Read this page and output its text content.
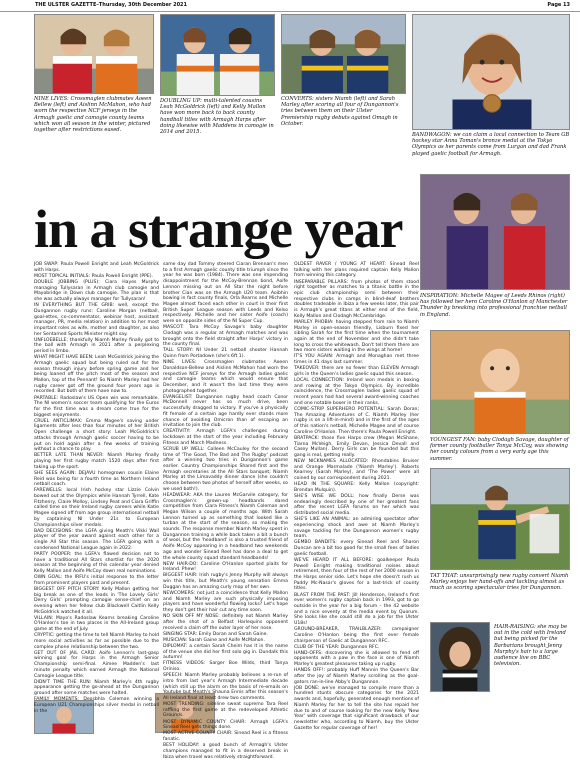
THE ULSTER GAZETTE–Thursday, 30th December 2021	Page 13
NINE LIVES: Crossmaglen clubmates Aoeen Bellew (left) and Aislinn McMahon, who had worn the respective NCF jerseys in the Armagh gaelic and camogie county teams which won all season in the winter, pictured together after restrictions eased.
DOUBLING UP: multi-talented cousins Leah McGoldrick (left) and Kelly Mallon have won more back to back county handball titles with Armagh Harps after doing likewise with Maddens in camogie in 2014 and 2015.
CONVERTS: sisters Niamh (left) and Sarah Marley after scoring all four of Dungannon's tries between them on their Ulster Premiership rugby debuts against Omagh in October.
BANDWAGON: we can claim a local connection to Team GB hockey star Anna Toman's bronze medal at the Tokyo Olympics as her parents come from Lurgan and dad Frank played gaelic football for Armagh.
in a strange year
INSPIRATION: Michelle Magee of Leeds Rhinos (right) has followed her hero Caroline O'Hanlon of Manchester Thunder by breaking into professional franchise netball in England.
YOUNGEST FAN: baby Clodagh Savage, daughter of former county footballer Tonya McCoy, was showing her county colours from a very early age this summer.
TAT THAT: unsurprisingly new rugby convert Niamh Marley enjoys her hand-offs and tackling almost as much as scoring spectacular tries for Dungannon.
HAIR-RAISING: she may be out in the cold with Ireland but being picked for the Barbarians brought Jenny Murphy's hair to a large audience live on BBC television.

JOB SWAP: Paula Powell Enright and Leah McGoldrick with Harps.

MOST TOPICAL INITIALS: Paula Powell Enright (PPE).

DOUBLE JOBBING (PLUS): Ciara Hayes Murphy managing Tullysaran in Armagh club camogie and Mayobridge in Down club camogie. The plan is that she was actually always manager for Tullysaran!

IN EVERYTHING BUT THE GRIB: well, except the Dungannon rugby runs: Caroline Morgan (netball, goal-ettes, co-commentator, webinar host, assistant manager, PR, media relation) in addition to her most important roles as wife, mother and daughter, as also her Sentamed Sports Minister might say.

UNFLOEBELLE: thankfully Niamh Marley finally got to the ball with Armagh in 2021 after a perplexing period in limbo.

WHAT MIGHT HAVE BEEN: Leah McGoldrick joining the Armagh gaelic squad but being ruled out for the season through injury before spring game and her being loaned off the pitch most of the season and Mallon, top of the Pennant! So Niamh Marley had her rugby career got off the ground four years ago is recorded. But both of them have now to.

PARTABLE: Radoslaw's US Open win was remarkable. The NI women's soccer team qualifying for the Euros for the first time was a dream come true for the biggest enjoyments.

CRUEL ANTICLIMAX: Emma Magee's saving under ligaments after less than four minutes of her British Open challenge a short story: Leah McGoldrick's attacks through Armagh gaelic soccer having to be put on hold again after a few weeks of training without a chance to play.

BETTER LATE THAN NEVER: Niamh Marley finally playing her first rugby match 1520 days after first taking up the sport.

SHE SEES AGAIN: DEJAVU homegrown cousin Elaine Reid was being for a fourth time as Northern Ireland netball coach.

FAREWELLS: local Irish hockey star Lizzie Colvin bowed out at the Olympics while Hannah Tyrrell, Kate Fitzhenry, Claire Molloy, Lindsey Peat and Ciara Griffin called time on their Ireland rugby careers while Katie Magee signed off from age group international netball by captaining NI Under 21s to European Championships silver medals.

BAD DECISIONS: the LGFA giving Meath's Vikki Wall player of the year award against each other for a single All Star this season. The LGFA going with a condensed National League again in 2022.

PARTY POOPER: the LGFA's flawed decision not to have a traditional All Stars shortlist for the 2020 season at the beginning of this calendar year denied Kelly Mallon and Aoife McCoy down real nominations.

OWN GOAL: the IRFU's initial response to the letter from prominent players past and present.

BIGGEST OFF PITCH STORY: Kelly Mallon getting her big break as one of the leads in 'The Lovely Girls' Derry Girls' prompting camogie sense-chief on an evening when her fellow club Blackwell Caitlin Kelly McGoldrick watched it all.

VILLAIN: Mayo's Radoslaw Kearns breaking Caroline O'Hanlon's toe in two places in the All-Ireland group game at the end of July.

CRYPTIC: getting the time to tell Niamh Marley to hold more social activities as far as possible due to the complex phone relationship between the two.

GET OUT OF JAIL CARD: Aoife Lennon's last-gasp winning goal for Harps in the Armagh Senior Championship semi-final. Aimee Madden's last minute penalty which earned Armagh the National Camogie League title.

DIDN'T TIME THE RUN: Niamh Marley's 4th rugby appearance getting the go-ahead at the Dungannon ground after some matches were halted.

FAMILY MOMENTS: Deosbhla Coleman winning a European U21 Championships silver medal in netball in the

same day dad Tommy steered Ciaran Brennan's men to a first Armagh gaelic county title triumph since the year he was born (1984). There was one impending disappointment for the McCoy-Brennan bond, Aoife Lennon missing out on All Star the night before brother Cian was on the Armagh U20 team. Aoibhin bowing in fact county finals, Orla Rearns and Michelle Magee almost faced each other in court in their first British Super League season with Leeds and Kelso respectively. Michelle and her sister Aoife (coach) were on opposite sides of the NI Super Cup.

MASCOT: Tara McCoy Savage's baby daughter Clodagh was a regular at Armagh matches and was brought onto the field straight after Harps' victory in the county final.

TALL STORY: NI Under 21 netball shooter Hannah Quinn from Portadown (she's 6ft 1).

NINE LIVES: Crossmaglen clubmates Aoeen Donaldson-Bellew and Aislinn McMahon had worn the respective NCF jerseys for the Armagh ladies gaelic and camogie teams which would ensure that December, and it wasn't the last time they were photographed together.

EVANGELIST: Dungannon rugby head coach Conor McDonnell never has so much drive, been successfully dragged to victory. If you've a physically fit female of a certain age hardly ever stands more chance of avoiding Omicron than of escaping an invitation to join the club.

CREATIVITY: Armagh LGFA's challenges during lockdown at the start of the year including February Fitness and March Madness.

SCRUB UP WELL: Colleen McCauley for the second time of 'The Good, The Bad and The Rugby' podcast after a winning two tries in Dungannon's game earlier. Country Championships Shared first and the Armagh secretaries at the All Stars banquet; Niamh Marley at the Limavaddy dinner dance (she couldn't choose between two photos of herself after weeks, so we used both!).

HEADWEAR: AKA the Lauren McGarvile category, for Crossmaglen's grown-up headbands dared competition from Ciara Fitness's Niamh Coleman and Megan Wilson a couple of months ago. With Sarah Lennon turned up as something that looked like a turban at the start of the season, so making the sounds. The response member Niamh Marley spent in Dungannon training a while back taken a bit a bunch of wool, but the 'headband' is also a trusted friend of Aoife McCoy appearing in a headband two weekends ago and wonder Sinead Reel has done a deal to get the whole county squad standard headbands!

NEW HAIR-DO: Caroline O'Hanlon sported plaits for Ireland. Phew!

BIGGEST HAIR: Irish rugby's Jenny Murphy will always win this title, but Meath's young sensation Emma Duggan has an amazing curly mop of her own.

NEWCOMERS: not just a coincidence that Kelly Mallon and Niamh Marley are such physically imposing players and have wonderful flowing locks? Let's hope they don't get their hair cut any time soon.

NO SKIN OFF MY NOSE: definitely not Niamh Marley after the shot of a Belfast Harlequins opponent received a claim off the outer layer of her nose.

SINGING STAR: Emily Doran and Sarah Gaine.

MUSICIAN: Sarah Gaine and Aoife McMahon.

DIPLOMAT: a certain Sarah Cheim has it in the name of the venue she did her first solo gig in. Dundalk this autumn!

FITNESS VIDEOS: Sarger Boe Wilds, third Tanya Oriniso.

SPEECH: Niamh Marley probably believes a re-run of intro from last year's Armagh Intermediate decade (which still up the alarm on the basis of re-emails on Youtube but Meath's Shauna Ennis after this season's All Ireland final at least drew two comments.

MOST TRENDING: sideline sweat supremo Tara Reel raffling the first game at the redeveloped Athletic Grounds.

MOST DYNAMIC COUNTY CHAIR: Armagh LGFA's Sinead Reel gets things done.

MOST ACTIVE COUNTY CHAIR: Sinead Reel is a fitness fanatic.

BEST HOLIDAY: a good bunch of Armagh's Ulster champions managed to fit in a deserved break in Ibiza when travel was relatively straightforward.

OLDEST RAVER / YOUNG AT HEART: Sinead Reel talking with her plans required captain Kelly Mallon from winning this category.

INSEPARABLE PILLARS: from photos of them stood right together as matches to a titanic battle in the epic club championship semi between their respective clubs in camps in blind-deaf brothers doubles tradeable in Ibiza a few weeks later, this pair is Armagh's great titans at either end of the field, Kelly Mallon and Clodagh McCambridge.

MARLEY PHOBIA: having stepped from rain to Niamh Marley in open-season friendly, Lisburn fixed her sibling Sarah for the first time when the tournament again at the end of November and she didn't take long to cross the whitewash. Don't tell them there are two more sisters waiting in the wings at home!

IT'S YOU AGAIN: Armagh and Monaghan met three times in 41 days last summer.

TAKEOVER: there are no fewer than ELEVEN Armagh girls in the Queen's ladies gaelic squad this season.

LOCAL CONNECTION: Ireland won medals in boxing and rowing at the Tokyo Olympics. By incredible coincidence, the Crossmaglen ladies gaelic squad of recent years had had several award-winning coaches and one notable boxer in their ranks.

COMIC-STRIP SUPERHERO POTENTIAL: Sarah Doran; The Amazing Adventures of C. Niamh Marley (her rugby is on a lift-in-mind) and in the first of the ages of this nation's netball, Michelle Magee and of course Caroline O'Hanlon. Then there's Paula Powell Enright.

BRATPACK: those five Harps crew (Megan McShane, Tiarna McVeigh, Emily Devan, Jessica Devall and Casey Mullan). Derry Girls can be founded but this gang is real, getting really.

NEW NICKNAMES ALLOCATED: Rhondabins Bruiser and Orange Marmalade ('Niamh Marley'). Roberts Kearney (Sarah Marley), and 'The Power' were all coined by our correspondent during 2021.

HEAD IN THE SQUARE: Kelly Mallon (copyright: Brendan Mulquin).

SHE'S WISE WE DOLL: how finally Derse was endearingly described by one of her greatest fans after the recent LGFA forums on her which was distributed social media.

SHE'S LIKE AN ANIMAL: an admiring spectator after experiencing shock and awe at Niamh Marley's savage tackling for the Dungannon women's rugby team.

GEMBO BANDITS: every Sinead Reel and Sharon Duncan are a bit too good for the small fees of ladies gaelic football.

WE'VE HEARD IT ALL BEFORE: goalkeeper Paula Powell Enright making traditional noises about retirement, then four of the rest of her 2000 season in the Harps senior side. Let's hope she doesn't rush us Paddy Mc-Nasar's gloves for a last-trick of county titles.

BLAST FROM THE PAST: Jill Henderson, Ireland's first ever women's rugby captain back in 1993, got to go outside in the year for a big forum – the 42 website and a nice seventy at the media event by Quorum. She looks like she could still do a job for the Ulster U18s!

GROUND-BREAKER, TRAILBLAZER: campaigner Caroline O'Hanlon being the first ever female chairperson of Gaelic at Dungannon RFC.

CLUB OF THE YEAR: Dungannon RFC.

HAND-OFFS: discovering she is allowed to fend off opponents with a paw in the face is one of Niamh Marley's greatest pleasures taking up rugby.

HANDS OFF!: probably Huff Mannin the Queen's Bar after the joy of Niamh Marley scrolling as the goal-gators ran-in-line Abby's Dungannon.

JOB DONE: we've managed to compile more than a hundred stunts obscure categories for the 2021 awards and, hopefully, generated enough mentions of Niamh Marley for her to tell the site has repaid her due to and of course looking for the new Kelly 'New Year' with coverage that significant drawback of our newsletter who, according to Niamh, buy the Ulster Gazette for regular coverage of her!
